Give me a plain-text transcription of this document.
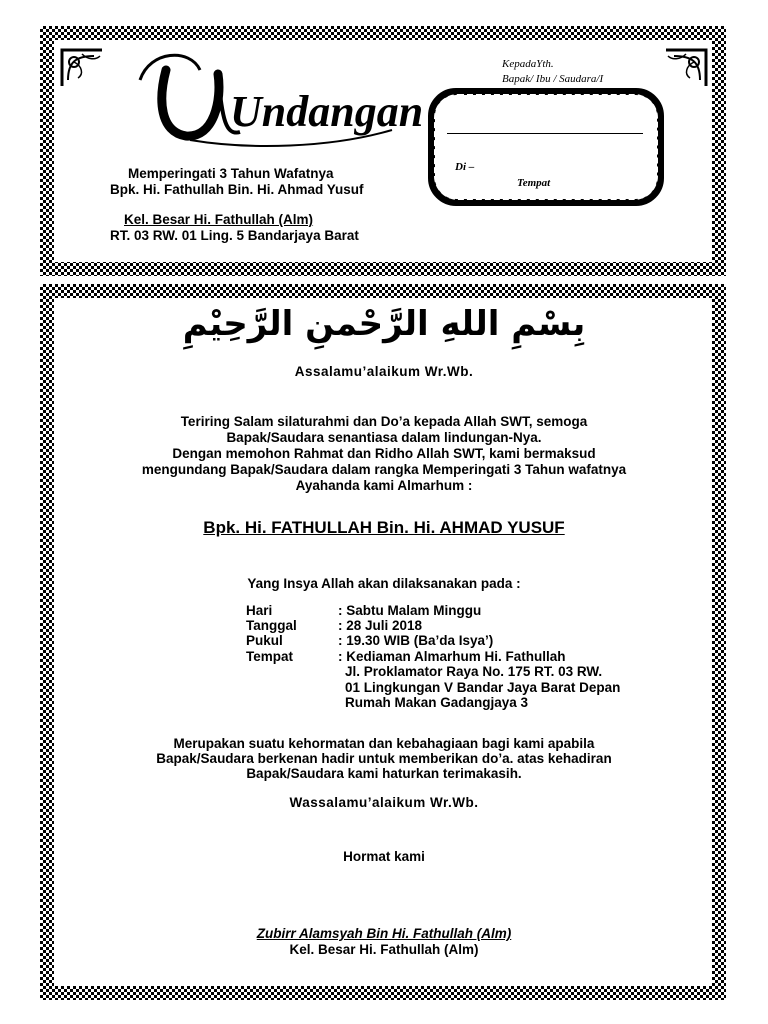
Undangan
Memperingati 3 Tahun Wafatnya
Bpk. Hi. Fathullah Bin. Hi. Ahmad Yusuf
Kel. Besar Hi. Fathullah (Alm)
RT. 03 RW. 01 Ling. 5 Bandarjaya Barat
KepadaYth.
Bapak/ Ibu / Saudara/I
Di –
Tempat
بِسْمِ اللهِ الرَّحْمنِ الرَّحِيْمِ
Assalamu’alaikum Wr.Wb.
Teriring Salam silaturahmi dan Do’a kepada Allah SWT, semoga
Bapak/Saudara senantiasa dalam lindungan-Nya.
Dengan memohon Rahmat dan Ridho Allah SWT, kami bermaksud
mengundang Bapak/Saudara dalam rangka Memperingati 3 Tahun wafatnya
Ayahanda kami Almarhum :
Bpk. Hi. FATHULLAH Bin. Hi. AHMAD YUSUF
Yang Insya Allah akan dilaksanakan pada :
Hari	: Sabtu Malam Minggu
Tanggal	: 28 Juli 2018
Pukul	: 19.30 WIB (Ba’da Isya’)
Tempat	: Kediaman Almarhum Hi. Fathullah
Jl. Proklamator Raya No. 175 RT. 03 RW.
01 Lingkungan V Bandar Jaya Barat Depan
Rumah Makan Gadangjaya 3
Merupakan suatu kehormatan dan kebahagiaan bagi kami apabila
Bapak/Saudara berkenan hadir untuk memberikan do’a. atas kehadiran
Bapak/Saudara kami haturkan terimakasih.
Wassalamu’alaikum Wr.Wb.
Hormat kami
Zubirr Alamsyah Bin Hi. Fathullah (Alm)
Kel. Besar Hi. Fathullah (Alm)
